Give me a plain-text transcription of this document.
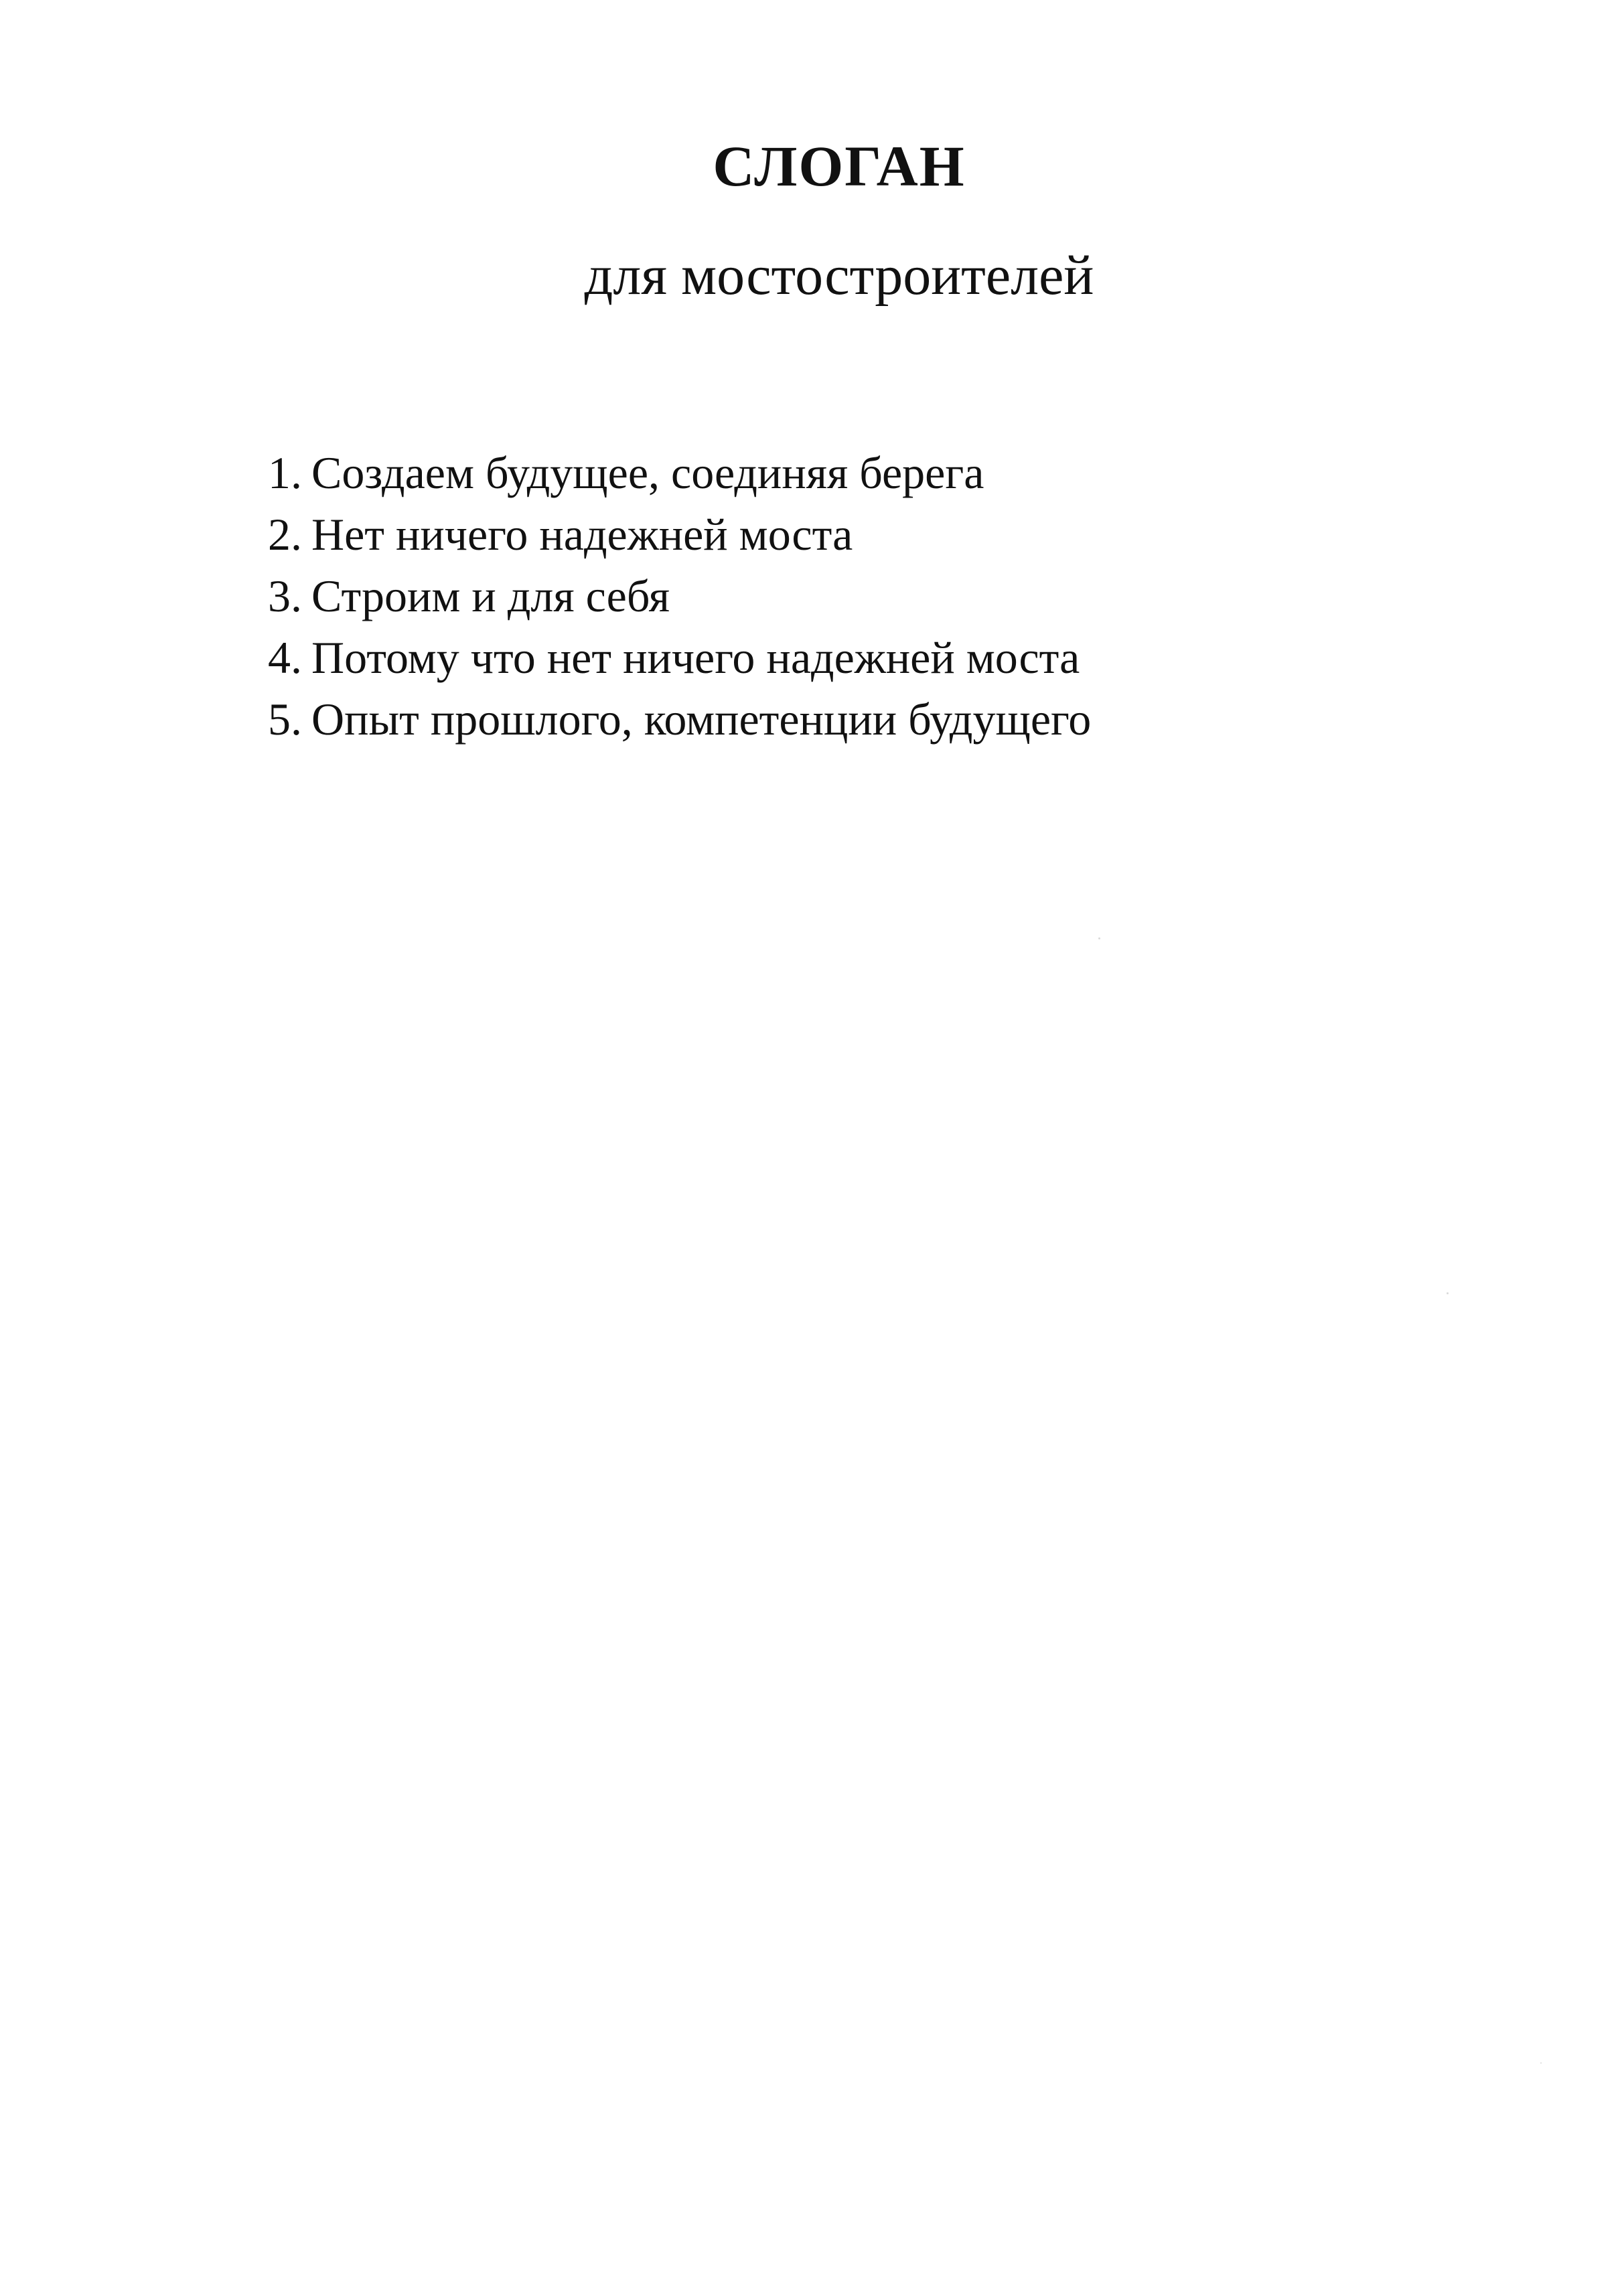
СЛОГАН
для мостостроителей
1. Создаем будущее, соединяя берега
2. Нет ничего надежней моста
3. Строим и для себя
4. Потому что нет ничего надежней моста
5. Опыт прошлого, компетенции будущего
